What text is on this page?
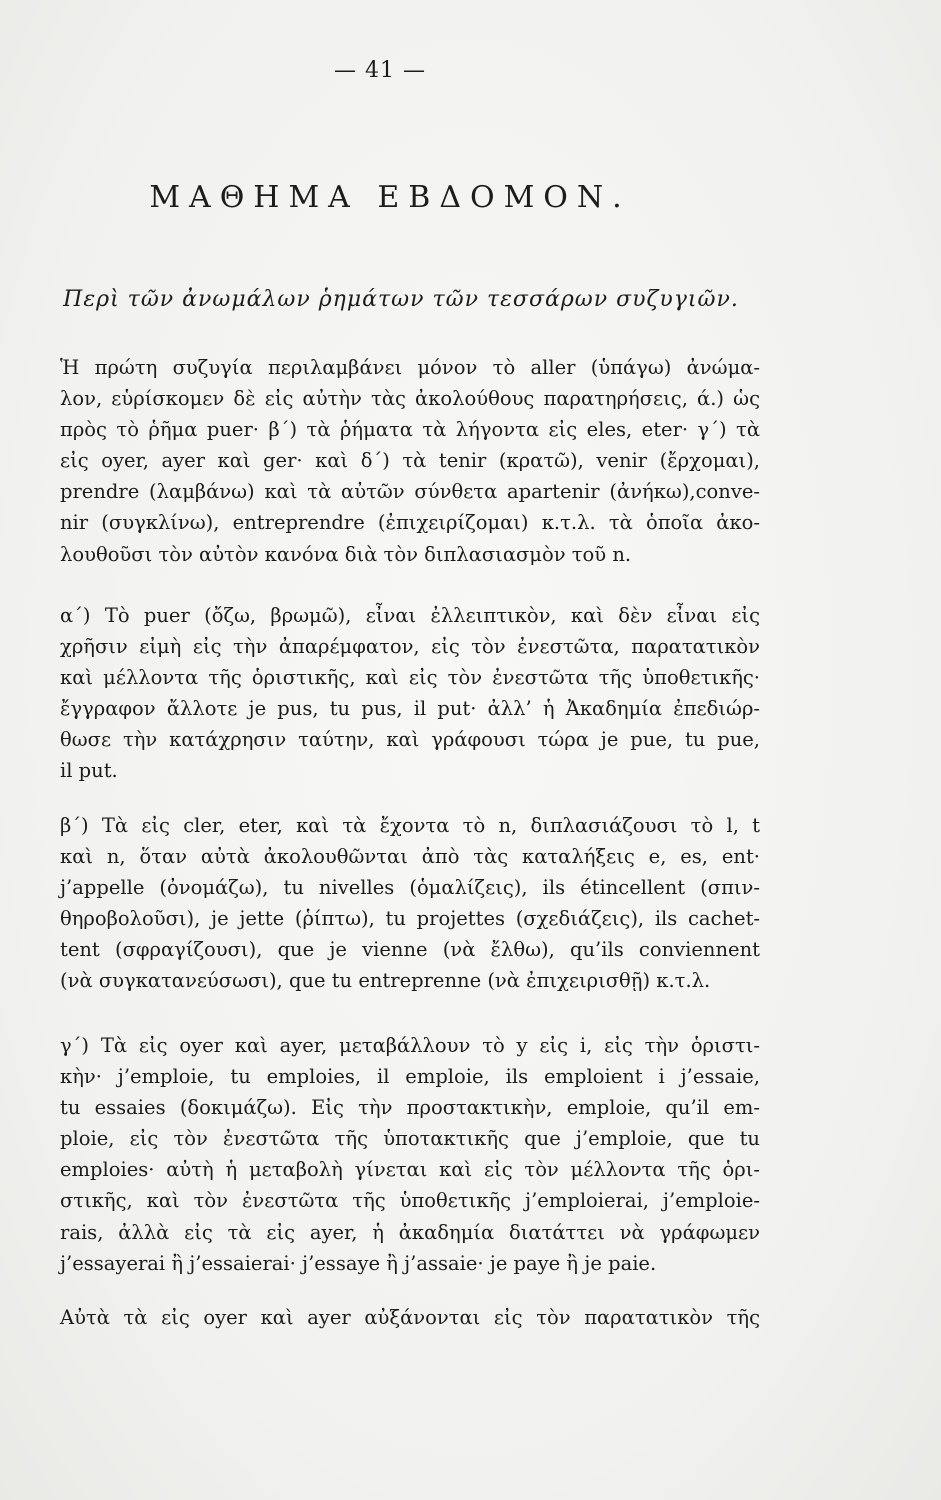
— 41 —
ΜΑΘΗΜΑ ΕΒΔΟΜΟΝ.
Περὶ τῶν ἀνωμάλων ῥημάτων τῶν τεσσάρων συζυγιῶν.
Ἡ πρώτη συζυγία περιλαμβάνει μόνον τὸ aller (ὑπάγω) ἀνώμα-
λον, εὑρίσκομεν δὲ εἰς αὐτὴν τὰς ἀκολούθους παρατηρήσεις, ά.) ὡς
πρὸς τὸ ῥῆμα puer· β΄) τὰ ῥήματα τὰ λήγοντα εἰς eles, eter· γ΄) τὰ
εἰς oyer, ayer καὶ ger· καὶ δ΄) τὰ tenir (κρατῶ), venir (ἔρχομαι),
prendre (λαμβάνω) καὶ τὰ αὐτῶν σύνθετα apartenir (ἀνήκω),conve-
nir (συγκλίνω), entreprendre (ἐπιχειρίζομαι) κ.τ.λ. τὰ ὁποῖα ἀκο-
λουθοῦσι τὸν αὐτὸν κανόνα διὰ τὸν διπλασιασμὸν τοῦ n.
α΄) Τὸ puer (ὄζω, βρωμῶ), εἶναι ἐλλειπτικὸν, καὶ δὲν εἶναι εἰς
χρῆσιν εἰμὴ εἰς τὴν ἀπαρέμφατον, εἰς τὸν ἐνεστῶτα, παρατατικὸν
καὶ μέλλοντα τῆς ὁριστικῆς, καὶ εἰς τὸν ἐνεστῶτα τῆς ὑποθετικῆς·
ἔγγραφον ἄλλοτε je pus, tu pus, il put· ἀλλ’ ἡ Ἀκαδημία ἐπεδιώρ-
θωσε τὴν κατάχρησιν ταύτην, καὶ γράφουσι τώρα je pue, tu pue,
il put.
β΄) Τὰ εἰς cler, eter, καὶ τὰ ἔχοντα τὸ n, διπλασιάζουσι τὸ l, t
καὶ n, ὅταν αὐτὰ ἀκολουθῶνται ἀπὸ τὰς καταλήξεις e, es, ent·
j’appelle (ὀνομάζω), tu nivelles (ὁμαλίζεις), ils étincellent (σπιν-
θηροβολοῦσι), je jette (ῥίπτω), tu projettes (σχεδιάζεις), ils cachet-
tent (σφραγίζουσι), que je vienne (νὰ ἔλθω), qu’ils conviennent
(νὰ συγκατανεύσωσι), que tu entreprenne (νὰ ἐπιχειρισθῇ) κ.τ.λ.
γ΄) Τὰ εἰς oyer καὶ ayer, μεταβάλλουν τὸ y εἰς i, εἰς τὴν ὁριστι-
κὴν· j’emploie, tu emploies, il emploie, ils emploient i j’essaie,
tu essaies (δοκιμάζω). Εἰς τὴν προστακτικὴν, emploie, qu’il em-
ploie, εἰς τὸν ἐνεστῶτα τῆς ὑποτακτικῆς que j’emploie, que tu
emploies· αὐτὴ ἡ μεταβολὴ γίνεται καὶ εἰς τὸν μέλλοντα τῆς ὁρι-
στικῆς, καὶ τὸν ἐνεστῶτα τῆς ὑποθετικῆς j’emploierai, j’emploie-
rais, ἀλλὰ εἰς τὰ εἰς ayer, ἡ ἀκαδημία διατάττει νὰ γράφωμεν
j’essayerai ἢ j’essaierai· j’essaye ἢ j’assaie· je paye ἢ je paie.
Αὐτὰ τὰ εἰς oyer καὶ ayer αὐξάνονται εἰς τὸν παρατατικὸν τῆς
